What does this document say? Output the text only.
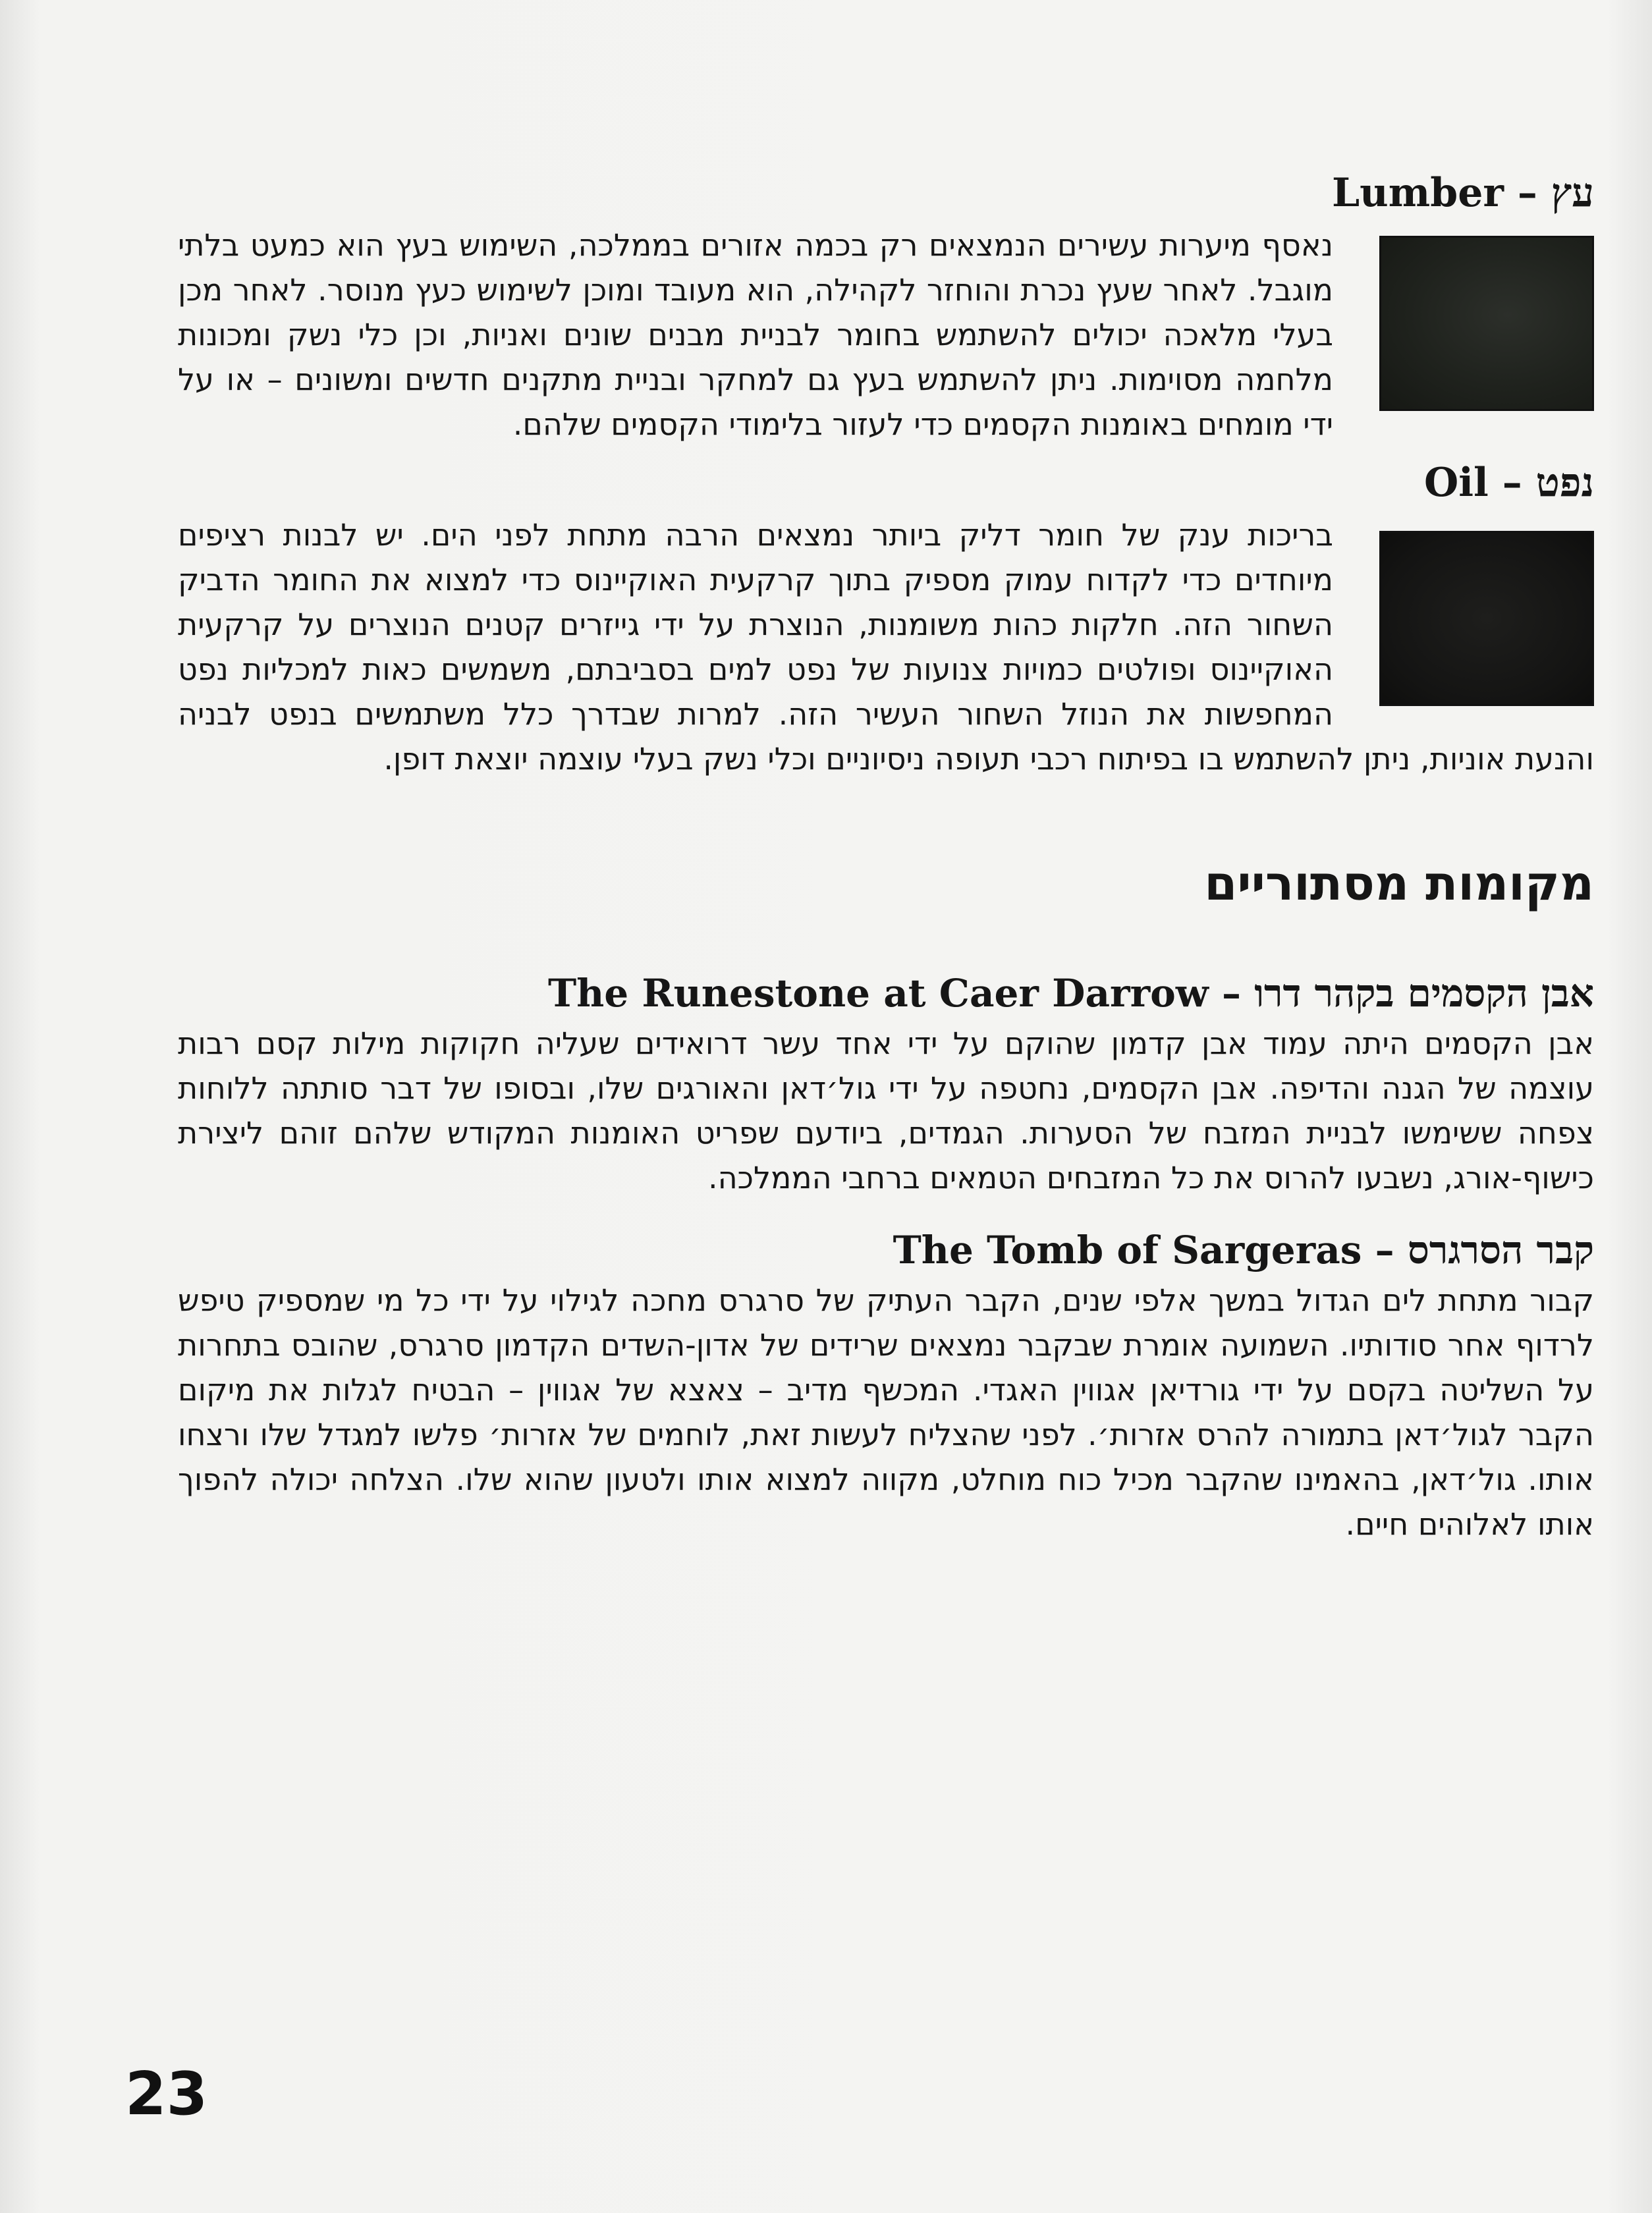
עץ – Lumber

נאסף מיערות עשירים הנמצאים רק בכמה אזורים בממלכה, השימוש בעץ הוא כמעט בלתי מוגבל. לאחר שעץ נכרת והוחזר לקהילה, הוא מעובד ומוכן לשימוש כעץ מנוסר. לאחר מכן בעלי מלאכה יכולים להשתמש בחומר לבניית מבנים שונים ואניות, וכן כלי נשק ומכונות מלחמה מסוימות. ניתן להשתמש בעץ גם למחקר ובניית מתקנים חדשים ומשונים – או על ידי מומחים באומנות הקסמים כדי לעזור בלימודי הקסמים שלהם.

נפט – Oil

בריכות ענק של חומר דליק ביותר נמצאים הרבה מתחת לפני הים. יש לבנות רציפים מיוחדים כדי לקדוח עמוק מספיק בתוך קרקעית האוקיינוס כדי למצוא את החומר הדביק השחור הזה. חלקות כהות משומנות, הנוצרת על ידי גייזרים קטנים הנוצרים על קרקעית האוקיינוס ופולטים כמויות צנועות של נפט למים בסביבתם, משמשים כאות למכליות נפט המחפשות את הנוזל השחור העשיר הזה. למרות שבדרך כלל משתמשים בנפט לבניה והנעת אוניות, ניתן להשתמש בו בפיתוח רכבי תעופה ניסיוניים וכלי נשק בעלי עוצמה יוצאת דופן.

מקומות מסתוריים
אבן הקסמים בקהר דרו – The Runestone at Caer Darrow

אבן הקסמים היתה עמוד אבן קדמון שהוקם על ידי אחד עשר דרואידים שעליה חקוקות מילות קסם רבות עוצמה של הגנה והדיפה. אבן הקסמים, נחטפה על ידי גול׳דאן והאורגים שלו, ובסופו של דבר סותתה ללוחות צפחה ששימשו לבניית המזבח של הסערות. הגמדים, ביודעם שפריט האומנות המקודש שלהם זוהם ליצירת כישוף-אורג, נשבעו להרוס את כל המזבחים הטמאים ברחבי הממלכה.

קבר הסרגרס – The Tomb of Sargeras

קבור מתחת לים הגדול במשך אלפי שנים, הקבר העתיק של סרגרס מחכה לגילוי על ידי כל מי שמספיק טיפש לרדוף אחר סודותיו. השמועה אומרת שבקבר נמצאים שרידים של אדון-השדים הקדמון סרגרס, שהובס בתחרות על השליטה בקסם על ידי גורדיאן אגווין האגדי. המכשף מדיב – צאצא של אגווין – הבטיח לגלות את מיקום הקבר לגול׳דאן בתמורה להרס אזרות׳. לפני שהצליח לעשות זאת, לוחמים של אזרות׳ פלשו למגדל שלו ורצחו אותו. גול׳דאן, בהאמינו שהקבר מכיל כוח מוחלט, מקווה למצוא אותו ולטעון שהוא שלו. הצלחה יכולה להפוך אותו לאלוהים חיים.

23
